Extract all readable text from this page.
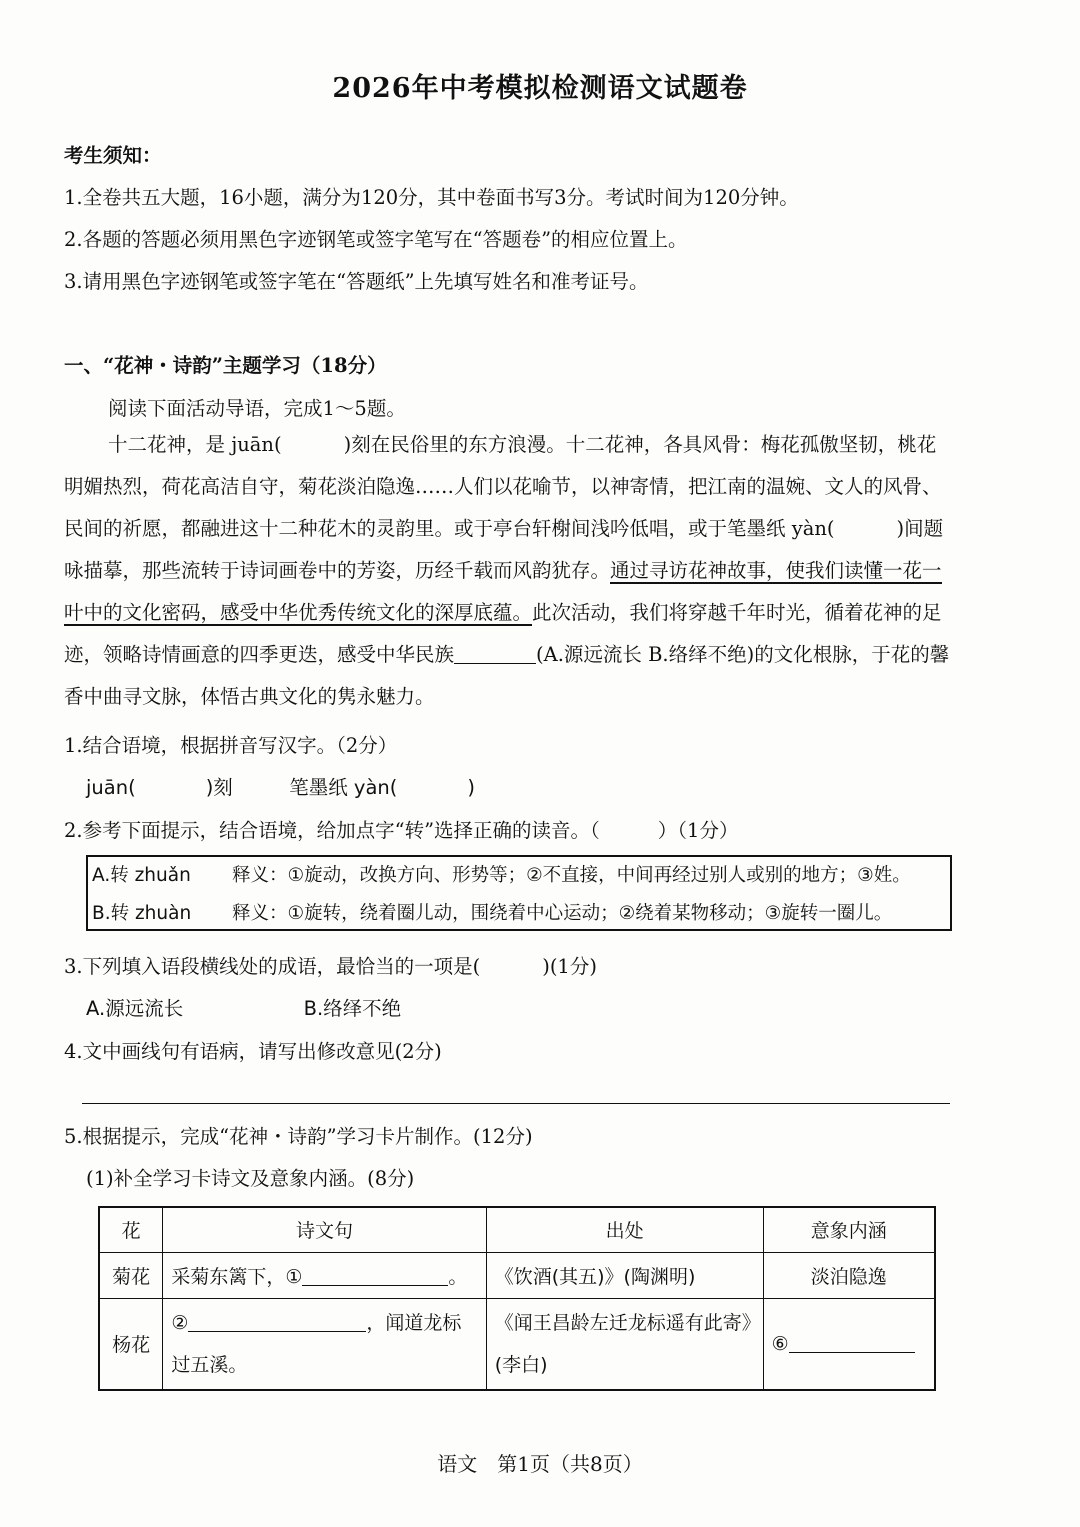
2026年中考模拟检测语文试题卷
考生须知：
1.全卷共五大题，16小题，满分为120分，其中卷面书写3分。考试时间为120分钟。
2.各题的答题必须用黑色字迹钢笔或签字笔写在“答题卷”的相应位置上。
3.请用黑色字迹钢笔或签字笔在“答题纸”上先填写姓名和准考证号。
一、“花神・诗韵”主题学习（18分）
阅读下面活动导语，完成1～5题。
十二花神，是 juān(	)刻在民俗里的东方浪漫。十二花神，各具风骨：梅花孤傲坚韧，桃花明媚热烈，荷花高洁自守，菊花淡泊隐逸……人们以花喻节，以神寄情，把江南的温婉、文人的风骨、民间的祈愿，都融进这十二种花木的灵韵里。或于亭台轩榭间浅吟低唱，或于笔墨纸 yàn(	)间题咏描摹，那些流转于诗词画卷中的芳姿，历经千载而风韵犹存。通过寻访花神故事，使我们读懂一花一叶中的文化密码，感受中华优秀传统文化的深厚底蕴。此次活动，我们将穿越千年时光，循着花神的足迹，领略诗情画意的四季更迭，感受中华民族	(A.源远流长 B.络绎不绝)的文化根脉，于花的馨香中曲寻文脉，体悟古典文化的隽永魅力。
1.结合语境，根据拼音写汉字。（2分）
juān(	)刻	笔墨纸 yàn(	)
2.参考下面提示，结合语境，给加点字“转”选择正确的读音。（	）（1分）
A.转 zhuǎn 释义：①旋动，改换方向、形势等；②不直接，中间再经过别人或别的地方；③姓。
B.转 zhuàn 释义：①旋转，绕着圈儿动，围绕着中心运动；②绕着某物移动；③旋转一圈儿。
3.下列填入语段横线处的成语，最恰当的一项是(	)(1分)
A.源远流长	B.络绎不绝
4.文中画线句有语病，请写出修改意见(2分)
5.根据提示，完成“花神・诗韵”学习卡片制作。(12分)
(1)补全学习卡诗文及意象内涵。(8分)
花	诗文句	出处	意象内涵
菊花	采菊东篱下，① 。	《饮酒(其五)》(陶渊明)	淡泊隐逸
杨花	② ，闻道龙标过五溪。	《闻王昌龄左迁龙标遥有此寄》(李白)	⑥
语文　第1页（共8页）
